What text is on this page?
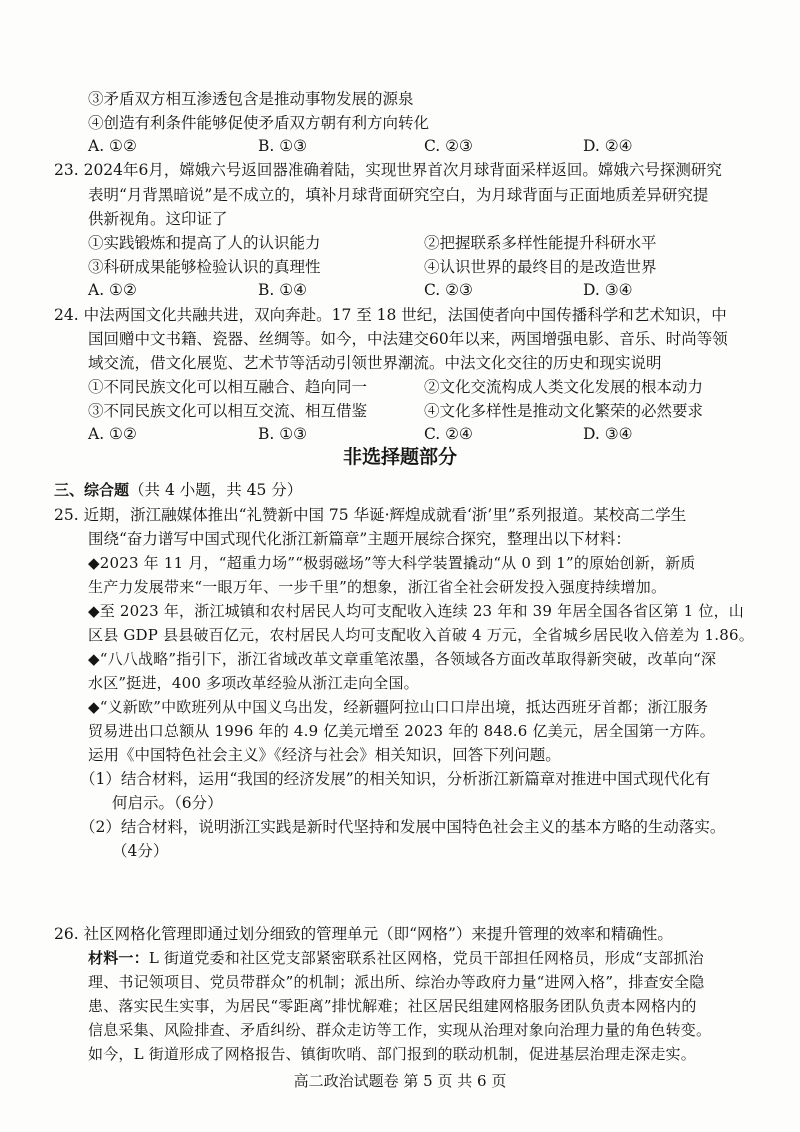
③矛盾双方相互渗透包含是推动事物发展的源泉
④创造有利条件能够促使矛盾双方朝有利方向转化
A. ①②	B. ①③	C. ②③	D. ②④
23. 2024年6月，嫦娥六号返回器准确着陆，实现世界首次月球背面采样返回。嫦娥六号探测研究
表明“月背黑暗说”是不成立的，填补月球背面研究空白，为月球背面与正面地质差异研究提
供新视角。这印证了
①实践锻炼和提高了人的认识能力	②把握联系多样性能提升科研水平
③科研成果能够检验认识的真理性	④认识世界的最终目的是改造世界
A. ①②	B. ①④	C. ②③	D. ③④
24. 中法两国文化共融共进，双向奔赴。17 至 18 世纪，法国使者向中国传播科学和艺术知识，中
国回赠中文书籍、瓷器、丝绸等。如今，中法建交60年以来，两国增强电影、音乐、时尚等领
域交流，借文化展览、艺术节等活动引领世界潮流。中法文化交往的历史和现实说明
①不同民族文化可以相互融合、趋向同一	②文化交流构成人类文化发展的根本动力
③不同民族文化可以相互交流、相互借鉴	④文化多样性是推动文化繁荣的必然要求
A. ①②	B. ①③	C. ②④	D. ③④
非选择题部分
三、综合题（共 4 小题，共 45 分）
25. 近期，浙江融媒体推出“礼赞新中国 75 华诞·辉煌成就看‘浙’里”系列报道。某校高二学生
围绕“奋力谱写中国式现代化浙江新篇章”主题开展综合探究，整理出以下材料：
◆2023 年 11 月，“超重力场”“极弱磁场”等大科学装置撬动“从 0 到 1”的原始创新，新质
生产力发展带来“一眼万年、一步千里”的想象，浙江省全社会研发投入强度持续增加。
◆至 2023 年，浙江城镇和农村居民人均可支配收入连续 23 年和 39 年居全国各省区第 1 位，山
区县 GDP 县县破百亿元，农村居民人均可支配收入首破 4 万元，全省城乡居民收入倍差为 1.86。
◆“八八战略”指引下，浙江省域改革文章重笔浓墨，各领域各方面改革取得新突破，改革向“深
水区”挺进，400 多项改革经验从浙江走向全国。
◆“义新欧”中欧班列从中国义乌出发，经新疆阿拉山口口岸出境，抵达西班牙首都；浙江服务
贸易进出口总额从 1996 年的 4.9 亿美元增至 2023 年的 848.6 亿美元，居全国第一方阵。
运用《中国特色社会主义》《经济与社会》相关知识，回答下列问题。
（1）结合材料，运用“我国的经济发展”的相关知识，分析浙江新篇章对推进中国式现代化有
何启示。（6分）
（2）结合材料，说明浙江实践是新时代坚持和发展中国特色社会主义的基本方略的生动落实。
（4分）
26. 社区网格化管理即通过划分细致的管理单元（即“网格”）来提升管理的效率和精确性。
材料一：L 街道党委和社区党支部紧密联系社区网格，党员干部担任网格员，形成“支部抓治
理、书记领项目、党员带群众”的机制；派出所、综治办等政府力量“进网入格”，排查安全隐
患、落实民生实事，为居民“零距离”排忧解难；社区居民组建网格服务团队负责本网格内的
信息采集、风险排查、矛盾纠纷、群众走访等工作，实现从治理对象向治理力量的角色转变。
如今，L 街道形成了网格报告、镇街吹哨、部门报到的联动机制，促进基层治理走深走实。
高二政治试题卷 第 5 页 共 6 页
